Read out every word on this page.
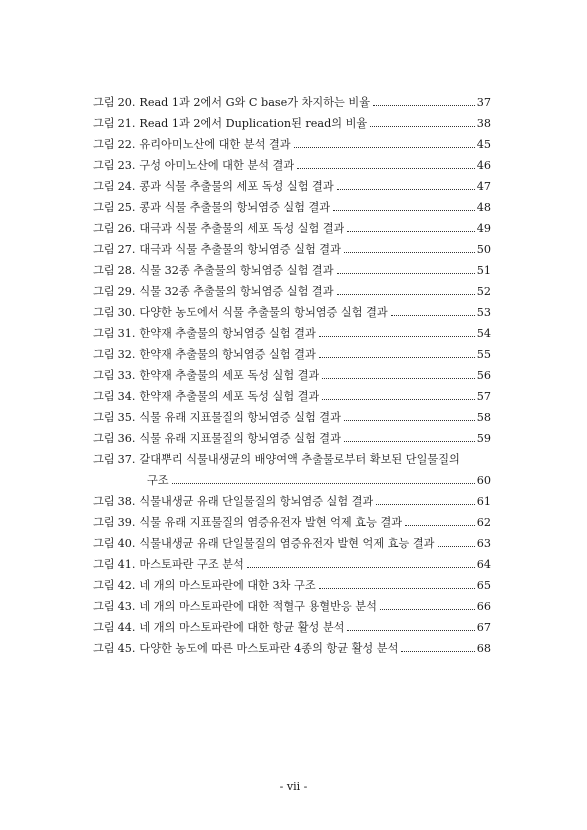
그림 20. Read 1과 2에서 G와 C base가 차지하는 비율	37
그림 21. Read 1과 2에서 Duplication된 read의 비율	38
그림 22. 유리아미노산에 대한 분석 결과	45
그림 23. 구성 아미노산에 대한 분석 결과	46
그림 24. 콩과 식물 추출물의 세포 독성 실험 결과	47
그림 25. 콩과 식물 추출물의 항뇌염증 실험 결과	48
그림 26. 대극과 식물 추출물의 세포 독성 실험 결과	49
그림 27. 대극과 식물 추출물의 항뇌염증 실험 결과	50
그림 28. 식물 32종 추출물의 항뇌염증 실험 결과	51
그림 29. 식물 32종 추출물의 항뇌염증 실험 결과	52
그림 30. 다양한 농도에서 식물 추출물의 항뇌염증 실험 결과	53
그림 31. 한약재 추출물의 항뇌염증 실험 결과	54
그림 32. 한약재 추출물의 항뇌염증 실험 결과	55
그림 33. 한약재 추출물의 세포 독성 실험 결과	56
그림 34. 한약재 추출물의 세포 독성 실험 결과	57
그림 35. 식물 유래 지표물질의 항뇌염증 실험 결과	58
그림 36. 식물 유래 지표물질의 항뇌염증 실험 결과	59
그림 37. 갈대뿌리 식물내생균의 배양여액 추출물로부터 확보된 단일물질의
구조	60
그림 38. 식물내생균 유래 단일물질의 항뇌염증 실험 결과	61
그림 39. 식물 유래 지표물질의 염증유전자 발현 억제 효능 결과	62
그림 40. 식물내생균 유래 단일물질의 염증유전자 발현 억제 효능 결과	63
그림 41. 마스토파란 구조 분석	64
그림 42. 네 개의 마스토파란에 대한 3차 구조	65
그림 43. 네 개의 마스토파란에 대한 적혈구 용혈반응 분석	66
그림 44. 네 개의 마스토파란에 대한 항균 활성 분석	67
그림 45. 다양한 농도에 따른 마스토파란 4종의 항균 활성 분석	68
- vii -
